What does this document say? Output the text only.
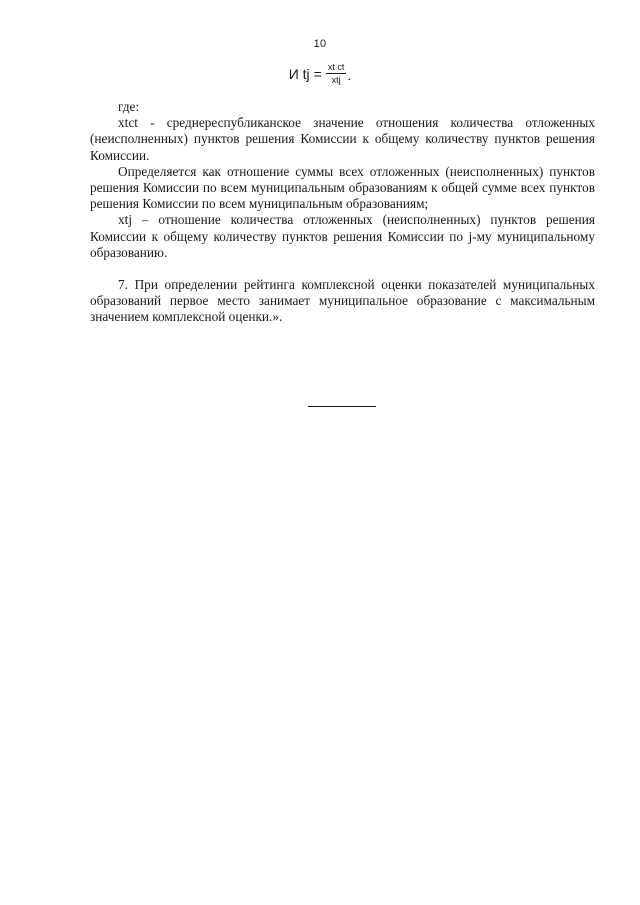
10
И tj = $\frac{\text{xt ct}}{\text{xtj}}$ .

где:

xtct - среднереспубликанское значение отношения количества отложенных (неисполненных) пунктов решения Комиссии к общему количеству пунктов решения Комиссии.

Определяется как отношение суммы всех отложенных (неисполненных) пунктов решения Комиссии по всем муниципальным образованиям к общей сумме всех пунктов решения Комиссии по всем муниципальным образованиям;

xtj – отношение количества отложенных (неисполненных) пунктов решения Комиссии к общему количеству пунктов решения Комиссии по j-му муниципальному образованию.

7. При определении рейтинга комплексной оценки показателей муниципальных образований первое место занимает муниципальное образование с максимальным значением комплексной оценки.».
